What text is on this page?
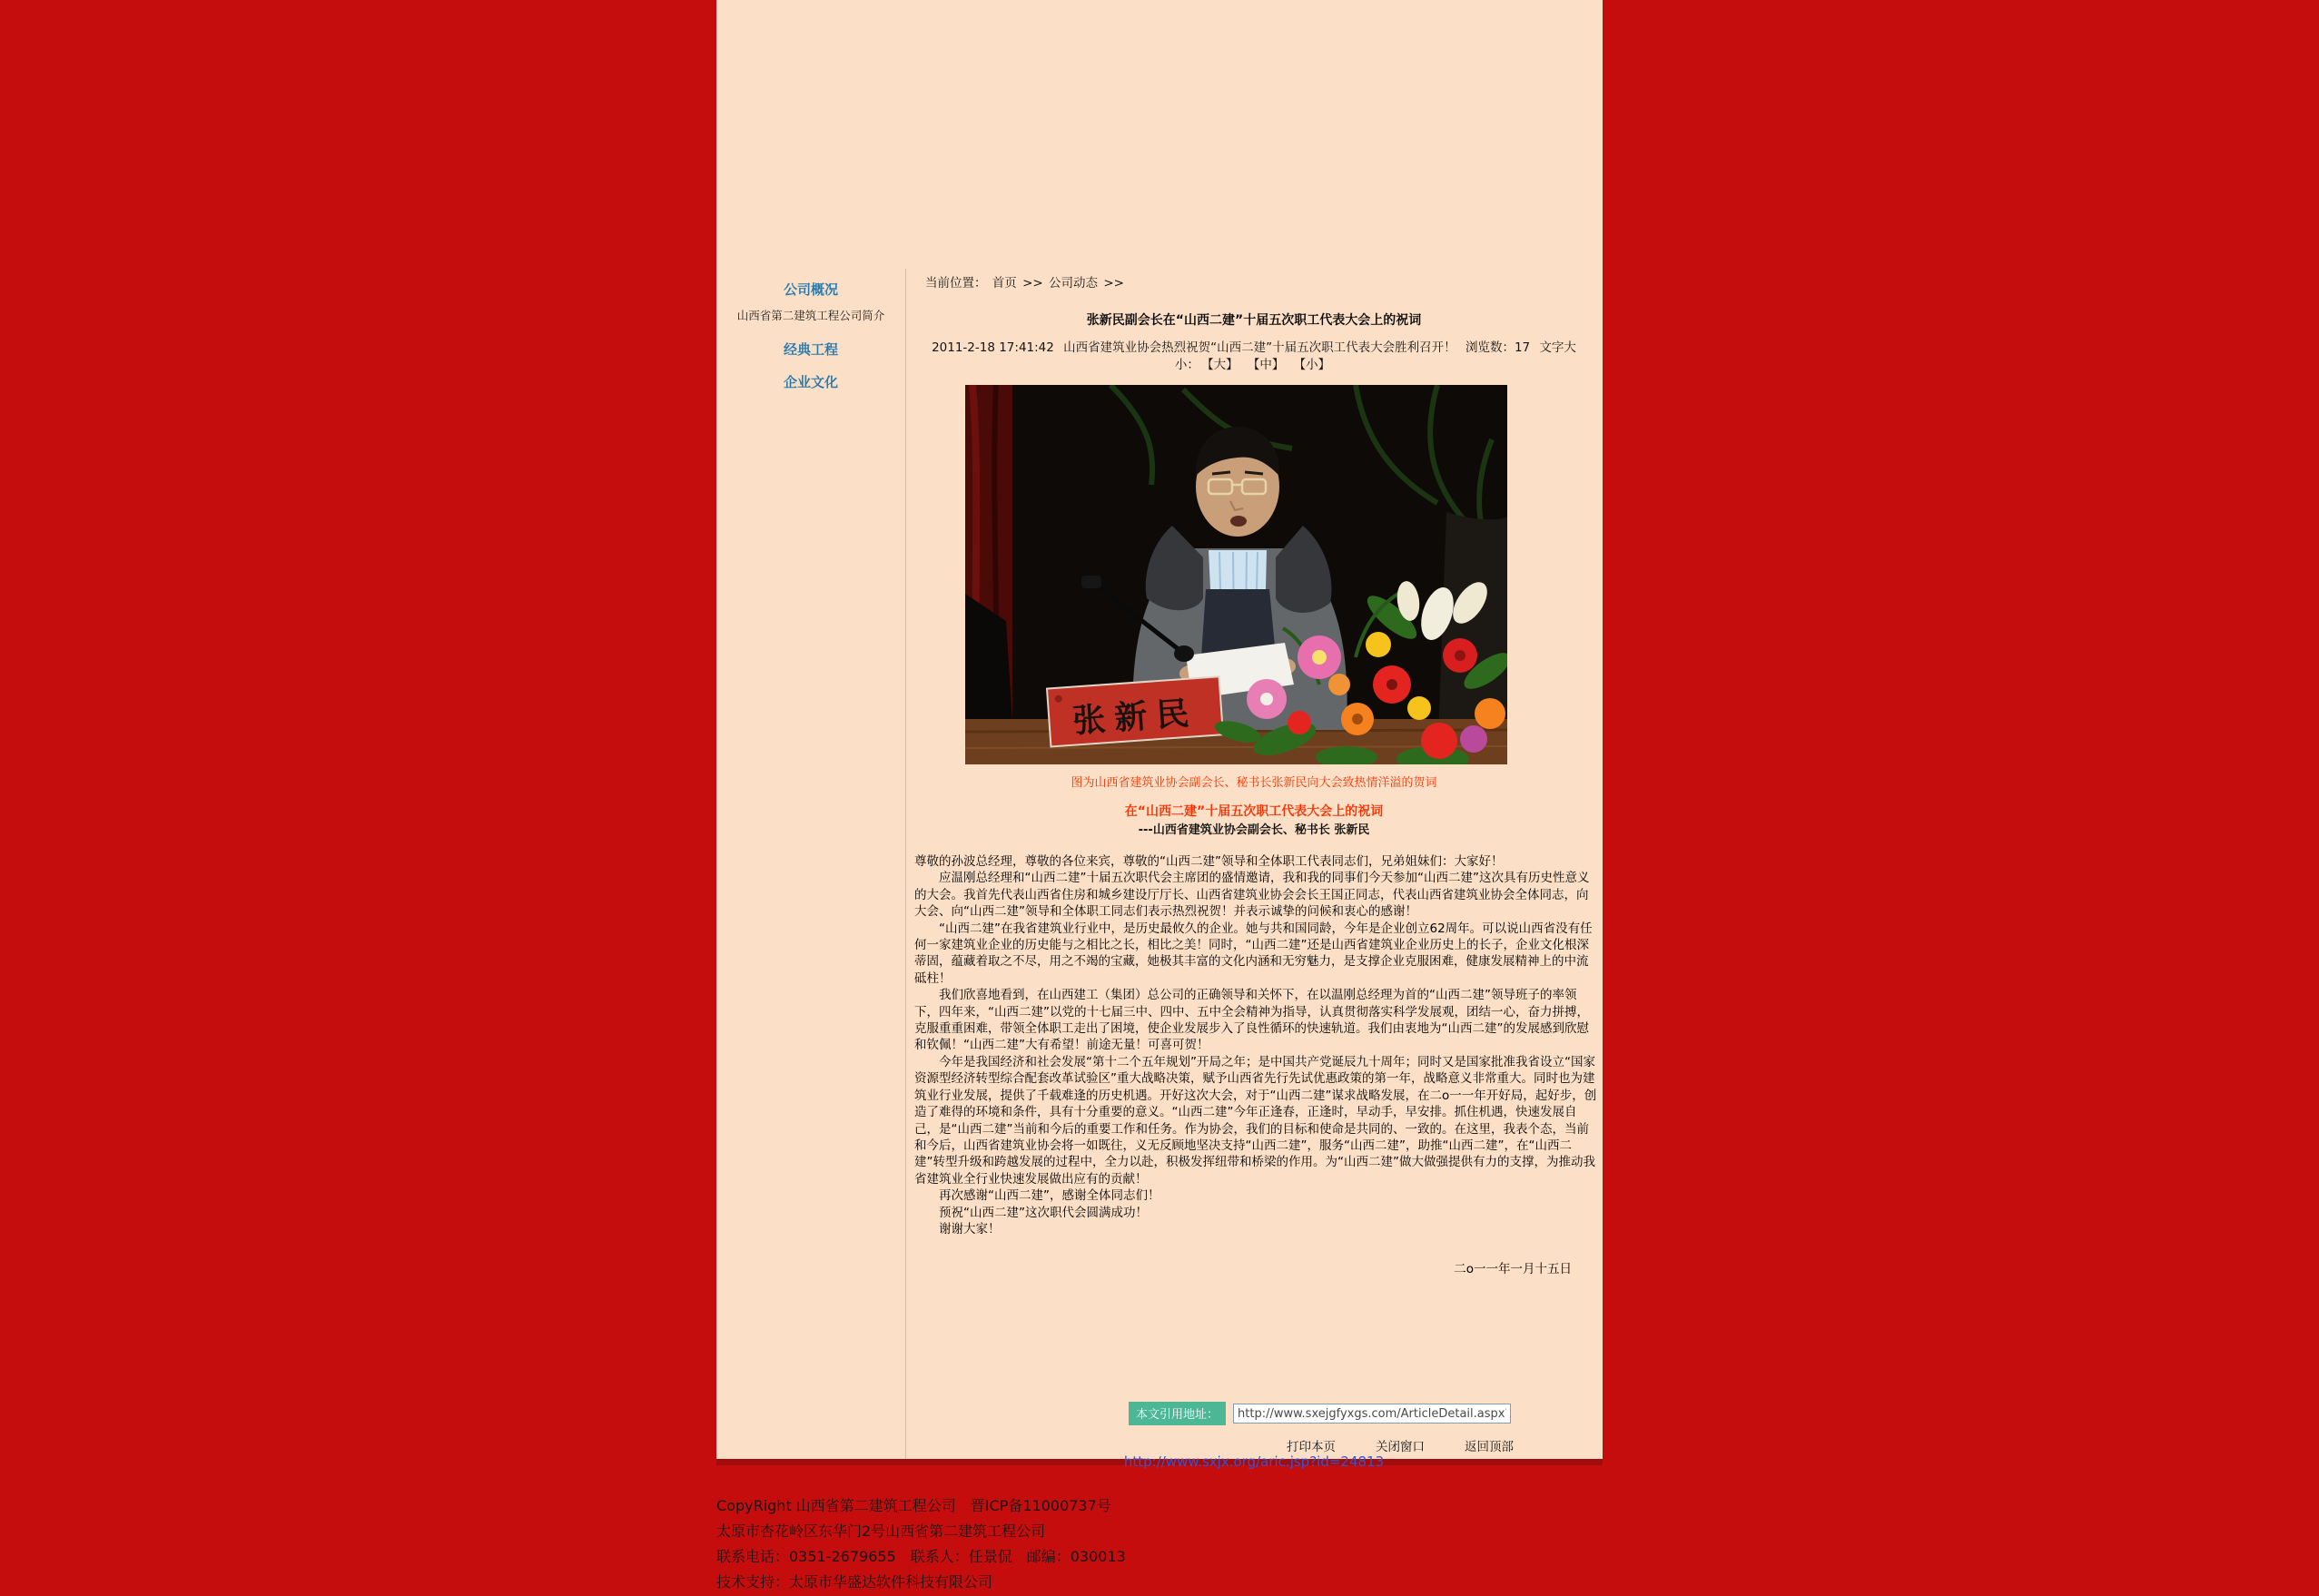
公司概况
山西省第二建筑工程公司简介
经典工程
企业文化
当前位置： 首页 >> 公司动态 >>
张新民副会长在“山西二建”十届五次职工代表大会上的祝词
2011-2-18 17:41:42 山西省建筑业协会热烈祝贺“山西二建”十届五次职工代表大会胜利召开！ 浏览数：17 文字大小： 【大】 【中】 【小】
张新民
图为山西省建筑业协会副会长、秘书长张新民向大会致热情洋溢的贺词
在“山西二建”十届五次职工代表大会上的祝词
---山西省建筑业协会副会长、秘书长 张新民

尊敬的孙波总经理，尊敬的各位来宾，尊敬的“山西二建”领导和全体职工代表同志们，兄弟姐妹们：大家好！

应温刚总经理和“山西二建”十届五次职代会主席团的盛情邀请，我和我的同事们今天参加“山西二建”这次具有历史性意义的大会。我首先代表山西省住房和城乡建设厅厅长、山西省建筑业协会会长王国正同志，代表山西省建筑业协会全体同志，向大会、向“山西二建”领导和全体职工同志们表示热烈祝贺！并表示诚挚的问候和衷心的感谢！

“山西二建”在我省建筑业行业中，是历史最攸久的企业。她与共和国同龄，今年是企业创立62周年。可以说山西省没有任何一家建筑业企业的历史能与之相比之长，相比之美！同时，“山西二建”还是山西省建筑业企业历史上的长子，企业文化根深蒂固，蕴藏着取之不尽，用之不竭的宝藏，她极其丰富的文化内涵和无穷魅力，是支撑企业克服困难，健康发展精神上的中流砥柱！

我们欣喜地看到，在山西建工（集团）总公司的正确领导和关怀下，在以温刚总经理为首的“山西二建”领导班子的率领下，四年来，“山西二建”以党的十七届三中、四中、五中全会精神为指导，认真贯彻落实科学发展观，团结一心，奋力拼搏，克服重重困难，带领全体职工走出了困境，使企业发展步入了良性循环的快速轨道。我们由衷地为“山西二建”的发展感到欣慰和钦佩！“山西二建”大有希望！前途无量！可喜可贺！

今年是我国经济和社会发展“第十二个五年规划”开局之年；是中国共产党诞辰九十周年；同时又是国家批准我省设立“国家资源型经济转型综合配套改革试验区”重大战略决策，赋予山西省先行先试优惠政策的第一年，战略意义非常重大。同时也为建筑业行业发展，提供了千载难逢的历史机遇。开好这次大会，对于“山西二建”谋求战略发展，在二o一一年开好局，起好步，创造了难得的环境和条件，具有十分重要的意义。“山西二建”今年正逢春，正逢时，早动手，早安排。抓住机遇，快速发展自己，是“山西二建”当前和今后的重要工作和任务。作为协会，我们的目标和使命是共同的、一致的。在这里，我表个态，当前和今后，山西省建筑业协会将一如既往，义无反顾地坚决支持“山西二建”，服务“山西二建”，助推“山西二建”，在“山西二建”转型升级和跨越发展的过程中，全力以赴，积极发挥纽带和桥梁的作用。为“山西二建”做大做强提供有力的支撑，为推动我省建筑业全行业快速发展做出应有的贡献！

再次感谢“山西二建”，感谢全体同志们！

预祝“山西二建”这次职代会圆满成功！

谢谢大家！

二o一一年一月十五日
本文引用地址：
http://www.sxejgfyxgs.com/ArticleDetail.aspx?id=194
打印本页	关闭窗口	返回顶部
http://www.sxjx.org/aric.jsp?id=24813
CopyRight 山西省第二建筑工程公司　晋ICP备11000737号
太原市杏花岭区东华门2号山西省第二建筑工程公司
联系电话：0351-2679655　联系人：任景侃　邮编：030013
技术支持：太原市华盛达软件科技有限公司
